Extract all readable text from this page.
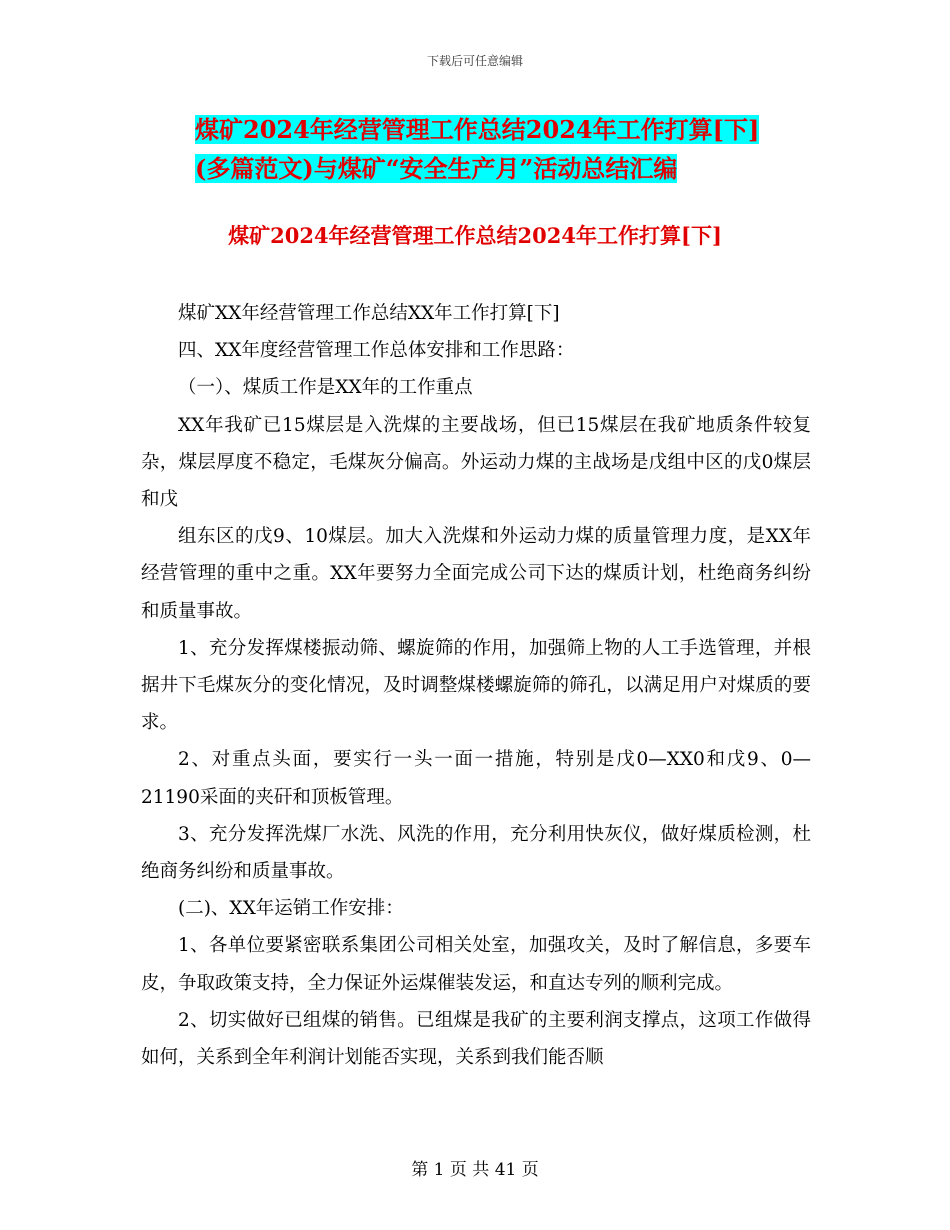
下载后可任意编辑
煤矿2024年经营管理工作总结2024年工作打算[下]
(多篇范文)与煤矿“安全生产月”活动总结汇编
煤矿2024年经营管理工作总结2024年工作打算[下]

煤矿XX年经营管理工作总结XX年工作打算[下]

四、XX年度经营管理工作总体安排和工作思路：

（一）、煤质工作是XX年的工作重点

XX年我矿已15煤层是入洗煤的主要战场，但已15煤层在我矿地质条件较复杂，煤层厚度不稳定，毛煤灰分偏高。外运动力煤的主战场是戊组中区的戊0煤层和戊

组东区的戊9、10煤层。加大入洗煤和外运动力煤的质量管理力度，是XX年经营管理的重中之重。XX年要努力全面完成公司下达的煤质计划，杜绝商务纠纷和质量事故。

1、充分发挥煤楼振动筛、螺旋筛的作用，加强筛上物的人工手选管理，并根据井下毛煤灰分的变化情况，及时调整煤楼螺旋筛的筛孔，以满足用户对煤质的要求。

2、对重点头面，要实行一头一面一措施，特别是戊0—XX0和戊9、0—21190采面的夹矸和顶板管理。

3、充分发挥洗煤厂水洗、风洗的作用，充分利用快灰仪，做好煤质检测，杜绝商务纠纷和质量事故。

(二)、XX年运销工作安排：

1、各单位要紧密联系集团公司相关处室，加强攻关，及时了解信息，多要车皮，争取政策支持，全力保证外运煤催装发运，和直达专列的顺利完成。

2、切实做好已组煤的销售。已组煤是我矿的主要利润支撑点，这项工作做得如何，关系到全年利润计划能否实现，关系到我们能否顺

第 1 页 共 41 页
